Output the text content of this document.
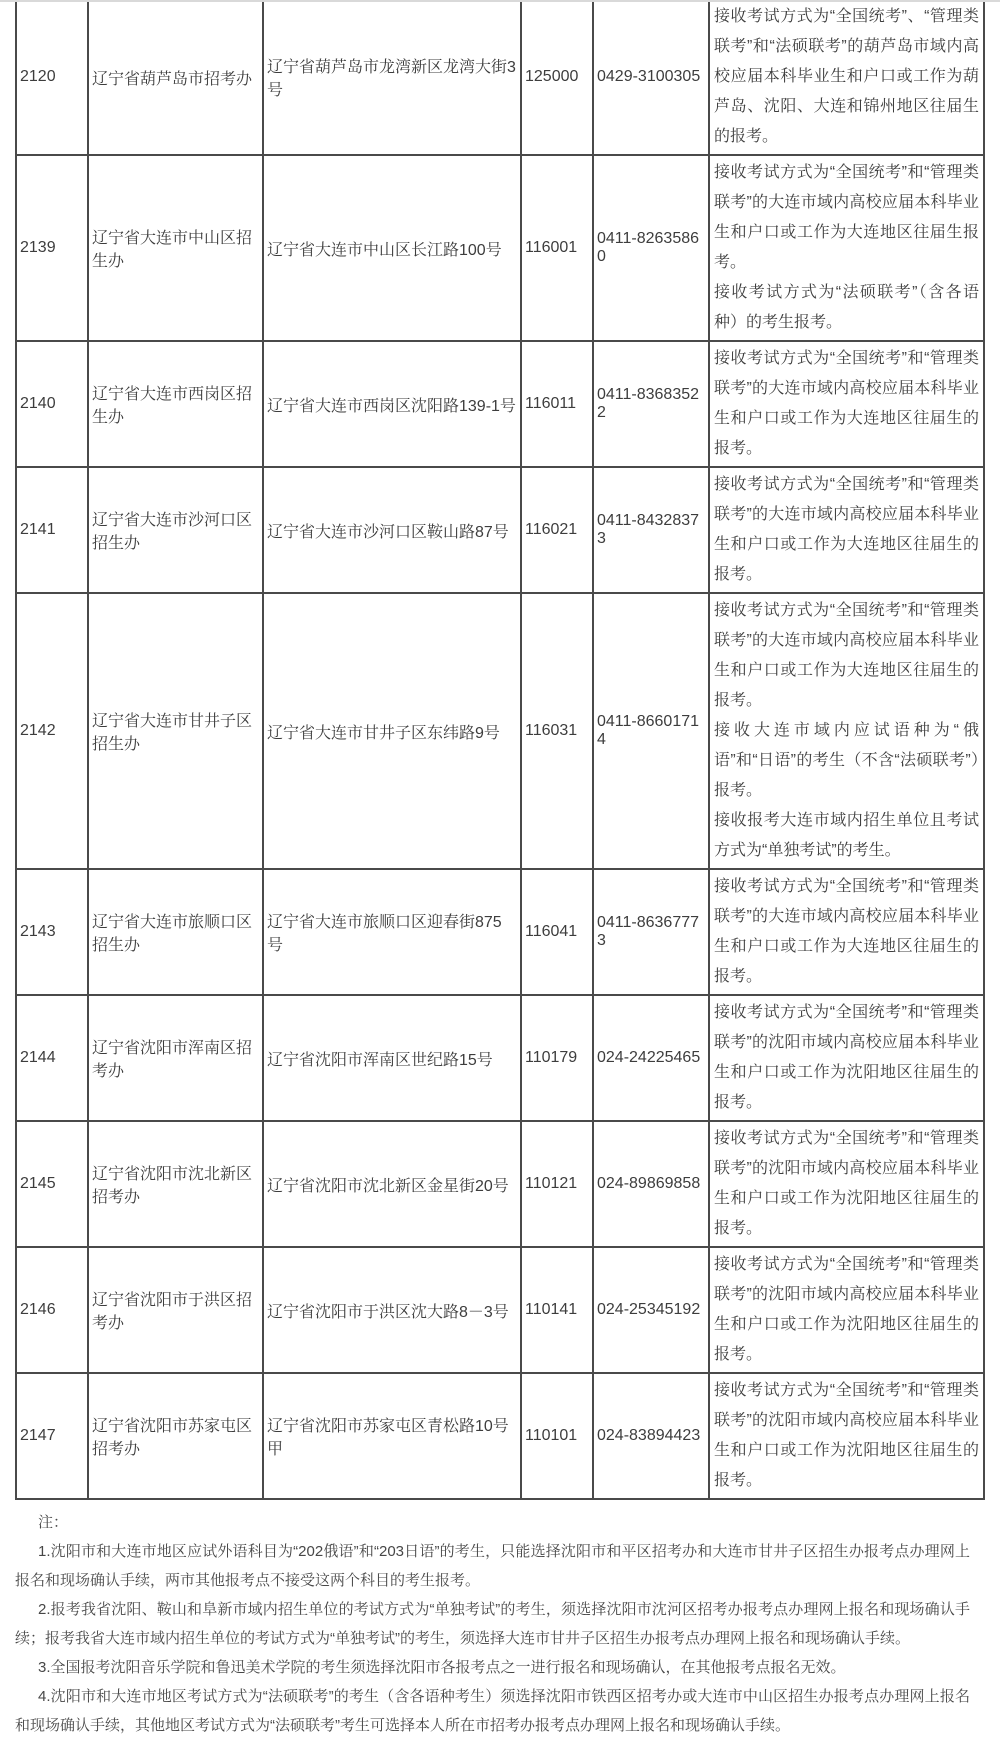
2120	辽宁省葫芦岛市招考办	辽宁省葫芦岛市龙湾新区龙湾大街3号	125000	0429-3100305	接收考试方式为“全国统考”、“管理类联考”和“法硕联考”的葫芦岛市域内高校应届本科毕业生和户口或工作为葫芦岛、沈阳、大连和锦州地区往届生的报考。

2139	辽宁省大连市中山区招生办	辽宁省大连市中山区长江路100号	116001	0411-82635860	接收考试方式为“全国统考”和“管理类联考”的大连市域内高校应届本科毕业生和户口或工作为大连地区往届生报考。

接收考试方式为“法硕联考”（含各语种）的考生报考。

2140	辽宁省大连市西岗区招生办	辽宁省大连市西岗区沈阳路139-1号	116011	0411-83683522	接收考试方式为“全国统考”和“管理类联考”的大连市域内高校应届本科毕业生和户口或工作为大连地区往届生的报考。

2141	辽宁省大连市沙河口区招生办	辽宁省大连市沙河口区鞍山路87号	116021	0411-84328373	接收考试方式为“全国统考”和“管理类联考”的大连市域内高校应届本科毕业生和户口或工作为大连地区往届生的报考。

2142	辽宁省大连市甘井子区招生办	辽宁省大连市甘井子区东纬路9号	116031	0411-86601714	接收考试方式为“全国统考”和“管理类联考”的大连市域内高校应届本科毕业生和户口或工作为大连地区往届生的报考。

接收大连市域内应试语种为“俄语”和“日语”的考生（不含“法硕联考”）报考。

接收报考大连市域内招生单位且考试方式为“单独考试”的考生。

2143	辽宁省大连市旅顺口区招生办	辽宁省大连市旅顺口区迎春街875号	116041	0411-86367773	接收考试方式为“全国统考”和“管理类联考”的大连市域内高校应届本科毕业生和户口或工作为大连地区往届生的报考。

2144	辽宁省沈阳市浑南区招考办	辽宁省沈阳市浑南区世纪路15号	110179	024-24225465	接收考试方式为“全国统考”和“管理类联考”的沈阳市域内高校应届本科毕业生和户口或工作为沈阳地区往届生的报考。

2145	辽宁省沈阳市沈北新区招考办	辽宁省沈阳市沈北新区金星街20号	110121	024-89869858	接收考试方式为“全国统考”和“管理类联考”的沈阳市域内高校应届本科毕业生和户口或工作为沈阳地区往届生的报考。

2146	辽宁省沈阳市于洪区招考办	辽宁省沈阳市于洪区沈大路8－3号	110141	024-25345192	接收考试方式为“全国统考”和“管理类联考”的沈阳市域内高校应届本科毕业生和户口或工作为沈阳地区往届生的报考。

2147	辽宁省沈阳市苏家屯区招考办	辽宁省沈阳市苏家屯区青松路10号甲	110101	024-83894423	接收考试方式为“全国统考”和“管理类联考”的沈阳市域内高校应届本科毕业生和户口或工作为沈阳地区往届生的报考。

注：

1.沈阳市和大连市地区应试外语科目为“202俄语”和“203日语”的考生，只能选择沈阳市和平区招考办和大连市甘井子区招生办报考点办理网上报名和现场确认手续，两市其他报考点不接受这两个科目的考生报考。

2.报考我省沈阳、鞍山和阜新市域内招生单位的考试方式为“单独考试”的考生，须选择沈阳市沈河区招考办报考点办理网上报名和现场确认手续；报考我省大连市域内招生单位的考试方式为“单独考试”的考生，须选择大连市甘井子区招生办报考点办理网上报名和现场确认手续。

3.全国报考沈阳音乐学院和鲁迅美术学院的考生须选择沈阳市各报考点之一进行报名和现场确认，在其他报考点报名无效。

4.沈阳市和大连市地区考试方式为“法硕联考”的考生（含各语种考生）须选择沈阳市铁西区招考办或大连市中山区招生办报考点办理网上报名和现场确认手续，其他地区考试方式为“法硕联考”考生可选择本人所在市招考办报考点办理网上报名和现场确认手续。
